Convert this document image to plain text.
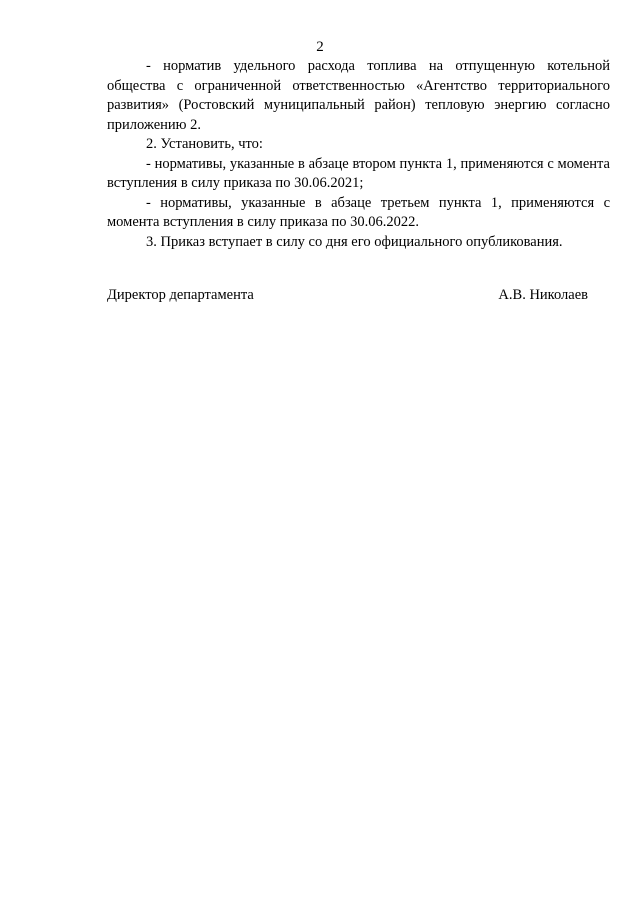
2

- норматив удельного расхода топлива на отпущенную котельной общества с ограниченной ответственностью «Агентство территориального развития» (Ростовский муниципальный район) тепловую энергию согласно приложению 2.

2. Установить, что:

- нормативы, указанные в абзаце втором пункта 1, применяются с момента вступления в силу приказа по 30.06.2021;

- нормативы, указанные в абзаце третьем пункта 1, применяются с момента вступления в силу приказа по 30.06.2022.

3. Приказ вступает в силу со дня его официального опубликования.

Директор департамента	А.В. Николаев
